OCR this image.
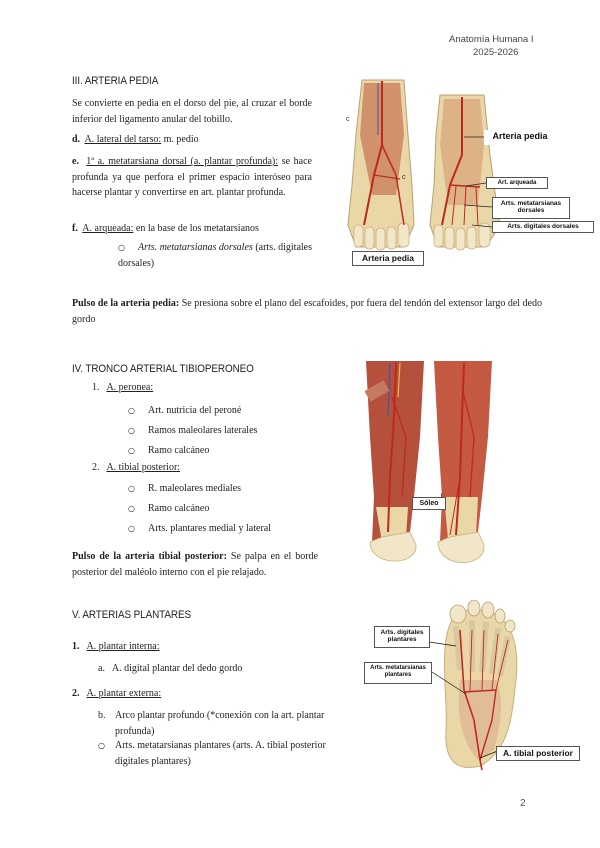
Anatomía Humana I
2025-2026
III. ARTERIA PEDIA
Se convierte en pedia en el dorso del pie, al cruzar el borde inferior del ligamento anular del tobillo.
d. A. lateral del tarso: m. pedio
e. 1ª a. metatarsiana dorsal (a. plantar profunda): se hace profunda ya que perfora el primer espacio interóseo para hacerse plantar y convertirse en art. plantar profunda.
f. A. arqueada: en la base de los metatarsianos
○ Arts. metatarsianas dorsales (arts. digitales dorsales)
Pulso de la arteria pedia: Se presiona sobre el plano del escafoides, por fuera del tendón del extensor largo del dedo gordo
c
c
Arteria pedia
Art. arqueada
Arts. metatarsianas dorsales
Arts. digitales dorsales
Arteria pedia
IV. TRONCO ARTERIAL TIBIOPERONEO
1. A. peronea:
○ Art. nutricia del peroné
○ Ramos maleolares laterales
○ Ramo calcáneo
2. A. tibial posterior:
○ R. maleolares mediales
○ Ramo calcáneo
○ Arts. plantares medial y lateral
Pulso de la arteria tibial posterior: Se palpa en el borde posterior del maléolo interno con el pie relajado.
Sóleo
V. ARTERIAS PLANTARES
1. A. plantar interna:
a. A. digital plantar del dedo gordo
2. A. plantar externa:
b. Arco plantar profundo (*conexión con la art. plantar profunda)
○	Arts. metatarsianas plantares (arts. A. tibial posterior digitales plantares)
Arts. digitales plantares
Arts. metatarsianas plantares
A. tibial posterior
2
